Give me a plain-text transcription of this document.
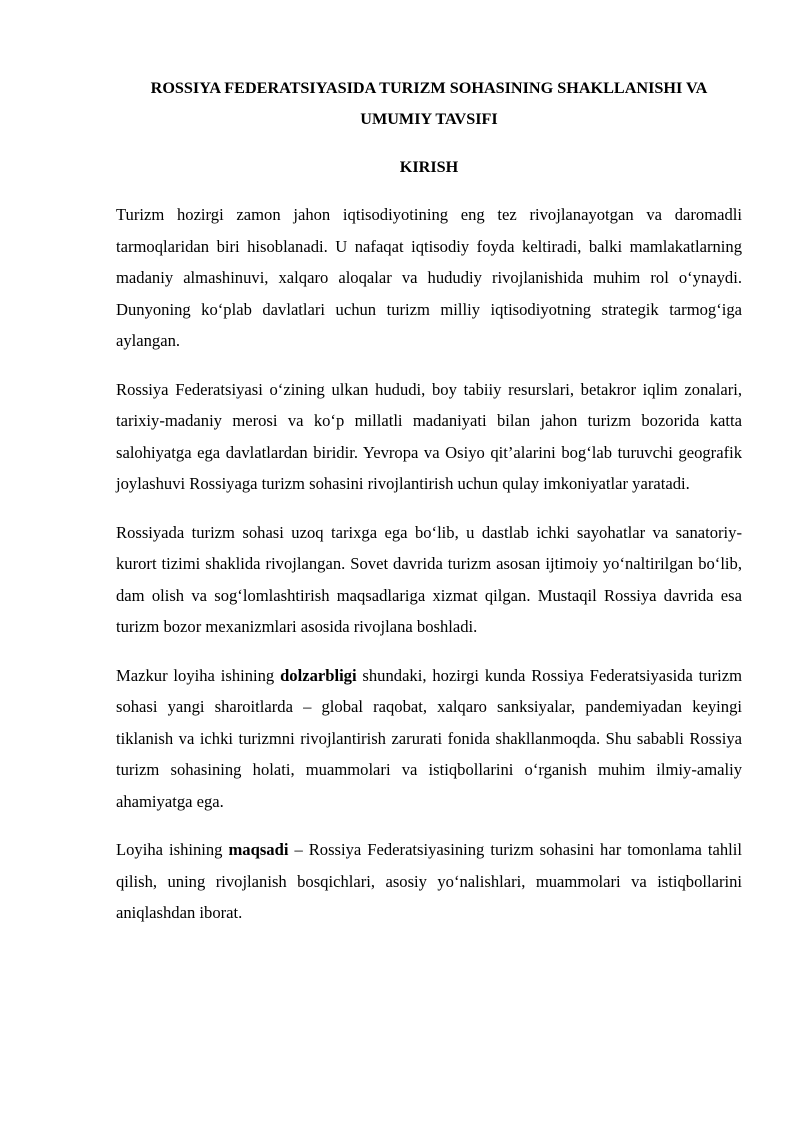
ROSSIYA FEDERATSIYASIDA TURIZM SOHASINING SHAKLLANISHI VA UMUMIY TAVSIFI
KIRISH

Turizm hozirgi zamon jahon iqtisodiyotining eng tez rivojlanayotgan va daromadli tarmoqlaridan biri hisoblanadi. U nafaqat iqtisodiy foyda keltiradi, balki mamlakatlarning madaniy almashinuvi, xalqaro aloqalar va hududiy rivojlanishida muhim rol o‘ynaydi. Dunyoning ko‘plab davlatlari uchun turizm milliy iqtisodiyotning strategik tarmog‘iga aylangan.

Rossiya Federatsiyasi o‘zining ulkan hududi, boy tabiiy resurslari, betakror iqlim zonalari, tarixiy-madaniy merosi va ko‘p millatli madaniyati bilan jahon turizm bozorida katta salohiyatga ega davlatlardan biridir. Yevropa va Osiyo qit’alarini bog‘lab turuvchi geografik joylashuvi Rossiyaga turizm sohasini rivojlantirish uchun qulay imkoniyatlar yaratadi.

Rossiyada turizm sohasi uzoq tarixga ega bo‘lib, u dastlab ichki sayohatlar va sanatoriy-kurort tizimi shaklida rivojlangan. Sovet davrida turizm asosan ijtimoiy yo‘naltirilgan bo‘lib, dam olish va sog‘lomlashtirish maqsadlariga xizmat qilgan. Mustaqil Rossiya davrida esa turizm bozor mexanizmlari asosida rivojlana boshladi.

Mazkur loyiha ishining dolzarbligi shundaki, hozirgi kunda Rossiya Federatsiyasida turizm sohasi yangi sharoitlarda – global raqobat, xalqaro sanksiyalar, pandemiyadan keyingi tiklanish va ichki turizmni rivojlantirish zarurati fonida shakllanmoqda. Shu sababli Rossiya turizm sohasining holati, muammolari va istiqbollarini o‘rganish muhim ilmiy-amaliy ahamiyatga ega.

Loyiha ishining maqsadi – Rossiya Federatsiyasining turizm sohasini har tomonlama tahlil qilish, uning rivojlanish bosqichlari, asosiy yo‘nalishlari, muammolari va istiqbollarini aniqlashdan iborat.
